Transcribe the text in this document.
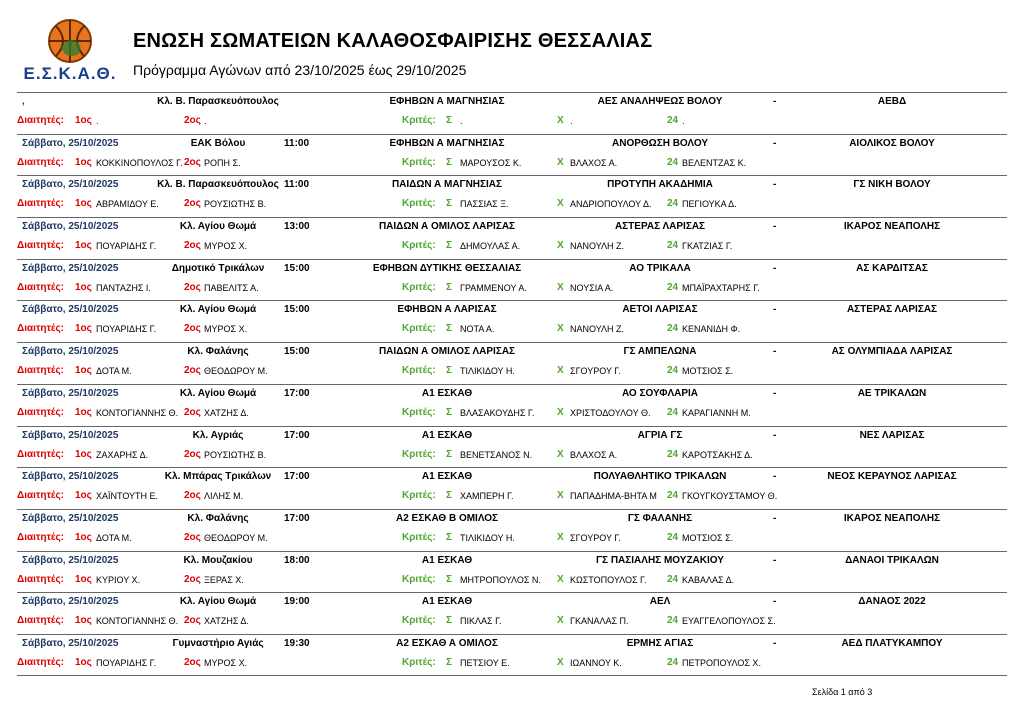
Ε.Σ.Κ.Α.Θ.
ΕΝΩΣΗ ΣΩΜΑΤΕΙΩΝ ΚΑΛΑΘΟΣΦΑΙΡΙΣΗΣ ΘΕΣΣΑΛΙΑΣ
Πρόγραμμα Αγώνων από 23/10/2025 έως 29/10/2025
,	Κλ. Β. Παρασκευόπουλος	ΕΦΗΒΩΝ Α ΜΑΓΝΗΣΙΑΣ	ΑΕΣ ΑΝΑΛΗΨΕΩΣ ΒΟΛΟΥ	-	ΑΕΒΔ
Διαιτητές:	1ος .	2ος .	Κριτές:	Σ .	Χ .	24 .
Σάββατο, 25/10/2025	ΕΑΚ Βόλου	11:00	ΕΦΗΒΩΝ Α ΜΑΓΝΗΣΙΑΣ	ΑΝΟΡΘΩΣΗ ΒΟΛΟΥ	-	ΑΙΟΛΙΚΟΣ ΒΟΛΟΥ
Διαιτητές:	1ος ΚΟΚΚΙΝΟΠΟΥΛΟΣ Γ. 2ος ΡΟΠΗ Σ.	Κριτές:	Σ ΜΑΡΟΥΣΟΣ Κ.	Χ ΒΛΑΧΟΣ Α.	24 ΒΕΛΕΝΤΖΑΣ Κ.
Σάββατο, 25/10/2025	Κλ. Β. Παρασκευόπουλος 11:00	ΠΑΙΔΩΝ Α ΜΑΓΝΗΣΙΑΣ	ΠΡΟΤΥΠΗ ΑΚΑΔΗΜΙΑ	-	ΓΣ ΝΙΚΗ ΒΟΛΟΥ
Διαιτητές:	1ος ΑΒΡΑΜΙΔΟΥ Ε.	2ος ΡΟΥΣΙΩΤΗΣ Β.	Κριτές:	Σ ΠΑΣΣΙΑΣ Ξ.	Χ ΑΝΔΡΙΟΠΟΥΛΟΥ Δ.	24 ΠΕΓΙΟΥΚΑ Δ.
Σάββατο, 25/10/2025	Κλ. Αγίου Θωμά	13:00	ΠΑΙΔΩΝ Α ΟΜΙΛΟΣ ΛΑΡΙΣΑΣ	ΑΣΤΕΡΑΣ ΛΑΡΙΣΑΣ	-	ΙΚΑΡΟΣ ΝΕΑΠΟΛΗΣ
Διαιτητές:	1ος ΠΟΥΑΡΙΔΗΣ Γ.	2ος ΜΥΡΟΣ Χ.	Κριτές:	Σ ΔΗΜΟΥΛΑΣ Α.	Χ ΝΑΝΟΥΛΗ Ζ.	24 ΓΚΑΤΖΙΑΣ Γ.
Σάββατο, 25/10/2025	Δημοτικό Τρικάλων	15:00	ΕΦΗΒΩΝ ΔΥΤΙΚΗΣ ΘΕΣΣΑΛΙΑΣ	ΑΟ ΤΡΙΚΑΛΑ	-	ΑΣ ΚΑΡΔΙΤΣΑΣ
Διαιτητές:	1ος ΠΑΝΤΑΖΗΣ Ι.	2ος ΠΑΒΕΛΙΤΣ Α.	Κριτές:	Σ ΓΡΑΜΜΕΝΟΥ Α.	Χ ΝΟΥΣΙΑ Α.	24 ΜΠΑΪΡΑΧΤΑΡΗΣ Γ.
Σάββατο, 25/10/2025	Κλ. Αγίου Θωμά	15:00	ΕΦΗΒΩΝ Α ΛΑΡΙΣΑΣ	ΑΕΤΟΙ ΛΑΡΙΣΑΣ	-	ΑΣΤΕΡΑΣ ΛΑΡΙΣΑΣ
Διαιτητές:	1ος ΠΟΥΑΡΙΔΗΣ Γ.	2ος ΜΥΡΟΣ Χ.	Κριτές:	Σ ΝΟΤΑ Α.	Χ ΝΑΝΟΥΛΗ Ζ.	24 ΚΕΝΑΝΙΔΗ Φ.
Σάββατο, 25/10/2025	Κλ. Φαλάνης	15:00	ΠΑΙΔΩΝ Α ΟΜΙΛΟΣ ΛΑΡΙΣΑΣ	ΓΣ ΑΜΠΕΛΩΝΑ	-	ΑΣ ΟΛΥΜΠΙΑΔΑ ΛΑΡΙΣΑΣ
Διαιτητές:	1ος ΔΟΤΑ Μ.	2ος ΘΕΟΔΩΡΟΥ Μ.	Κριτές:	Σ ΤΙΛΙΚΙΔΟΥ Η.	Χ ΣΓΟΥΡΟΥ Γ.	24 ΜΟΤΣΙΟΣ Σ.
Σάββατο, 25/10/2025	Κλ. Αγίου Θωμά	17:00	Α1 ΕΣΚΑΘ	ΑΟ ΣΟΥΦΛΑΡΙΑ	-	ΑΕ ΤΡΙΚΑΛΩΝ
Διαιτητές:	1ος ΚΟΝΤΟΓΙΑΝΝΗΣ Θ. 2ος ΧΑΤΖΗΣ Δ.	Κριτές:	Σ ΒΛΑΣΑΚΟΥΔΗΣ Γ.	Χ ΧΡΙΣΤΟΔΟΥΛΟΥ Θ.	24 ΚΑΡΑΓΙΑΝΝΗ Μ.
Σάββατο, 25/10/2025	Κλ. Αγριάς	17:00	Α1 ΕΣΚΑΘ	ΑΓΡΙΑ ΓΣ	-	ΝΕΣ ΛΑΡΙΣΑΣ
Διαιτητές:	1ος ΖΑΧΑΡΗΣ Δ.	2ος ΡΟΥΣΙΩΤΗΣ Β.	Κριτές:	Σ ΒΕΝΕΤΣΑΝΟΣ Ν.	Χ ΒΛΑΧΟΣ Α.	24 ΚΑΡΟΤΣΑΚΗΣ Δ.
Σάββατο, 25/10/2025	Κλ. Μπάρας Τρικάλων	17:00	Α1 ΕΣΚΑΘ	ΠΟΛΥΑΘΛΗΤΙΚΟ ΤΡΙΚΑΛΩΝ	-	ΝΕΟΣ ΚΕΡΑΥΝΟΣ ΛΑΡΙΣΑΣ
Διαιτητές:	1ος ΧΑΪΝΤΟΥΤΗ Ε.	2ος ΛΙΛΗΣ Μ.	Κριτές:	Σ ΧΑΜΠΕΡΗ Γ.	Χ ΠΑΠΑΔΗΜΑ-ΒΗΤΑ Μ	24 ΓΚΟΥΓΚΟΥΣΤΑΜΟΥ Θ.
Σάββατο, 25/10/2025	Κλ. Φαλάνης	17:00	Α2 ΕΣΚΑΘ Β ΟΜΙΛΟΣ	ΓΣ ΦΑΛΑΝΗΣ	-	ΙΚΑΡΟΣ ΝΕΑΠΟΛΗΣ
Διαιτητές:	1ος ΔΟΤΑ Μ.	2ος ΘΕΟΔΩΡΟΥ Μ.	Κριτές:	Σ ΤΙΛΙΚΙΔΟΥ Η.	Χ ΣΓΟΥΡΟΥ Γ.	24 ΜΟΤΣΙΟΣ Σ.
Σάββατο, 25/10/2025	Κλ. Μουζακίου	18:00	Α1 ΕΣΚΑΘ	ΓΣ ΠΑΣΙΑΛΗΣ ΜΟΥΖΑΚΙΟΥ	-	ΔΑΝΑΟΙ ΤΡΙΚΑΛΩΝ
Διαιτητές:	1ος ΚΥΡΙΟΥ Χ.	2ος ΞΕΡΑΣ Χ.	Κριτές:	Σ ΜΗΤΡΟΠΟΥΛΟΣ Ν.	Χ ΚΩΣΤΟΠΟΥΛΟΣ Γ.	24 ΚΑΒΑΛΑΣ Δ.
Σάββατο, 25/10/2025	Κλ. Αγίου Θωμά	19:00	Α1 ΕΣΚΑΘ	ΑΕΛ	-	ΔΑΝΑΟΣ 2022
Διαιτητές:	1ος ΚΟΝΤΟΓΙΑΝΝΗΣ Θ. 2ος ΧΑΤΖΗΣ Δ.	Κριτές:	Σ ΠΙΚΛΑΣ Γ.	Χ ΓΚΑΝΑΛΑΣ Π.	24 ΕΥΑΓΓΕΛΟΠΟΥΛΟΣ Σ.
Σάββατο, 25/10/2025	Γυμναστήριο Αγιάς	19:30	Α2 ΕΣΚΑΘ Α ΟΜΙΛΟΣ	ΕΡΜΗΣ ΑΓΙΑΣ	-	ΑΕΔ ΠΛΑΤΥΚΑΜΠΟΥ
Διαιτητές:	1ος ΠΟΥΑΡΙΔΗΣ Γ.	2ος ΜΥΡΟΣ Χ.	Κριτές:	Σ ΠΕΤΣΙΟΥ Ε.	Χ ΙΩΑΝΝΟΥ Κ.	24 ΠΕΤΡΟΠΟΥΛΟΣ Χ.
Σελίδα 1 από 3
